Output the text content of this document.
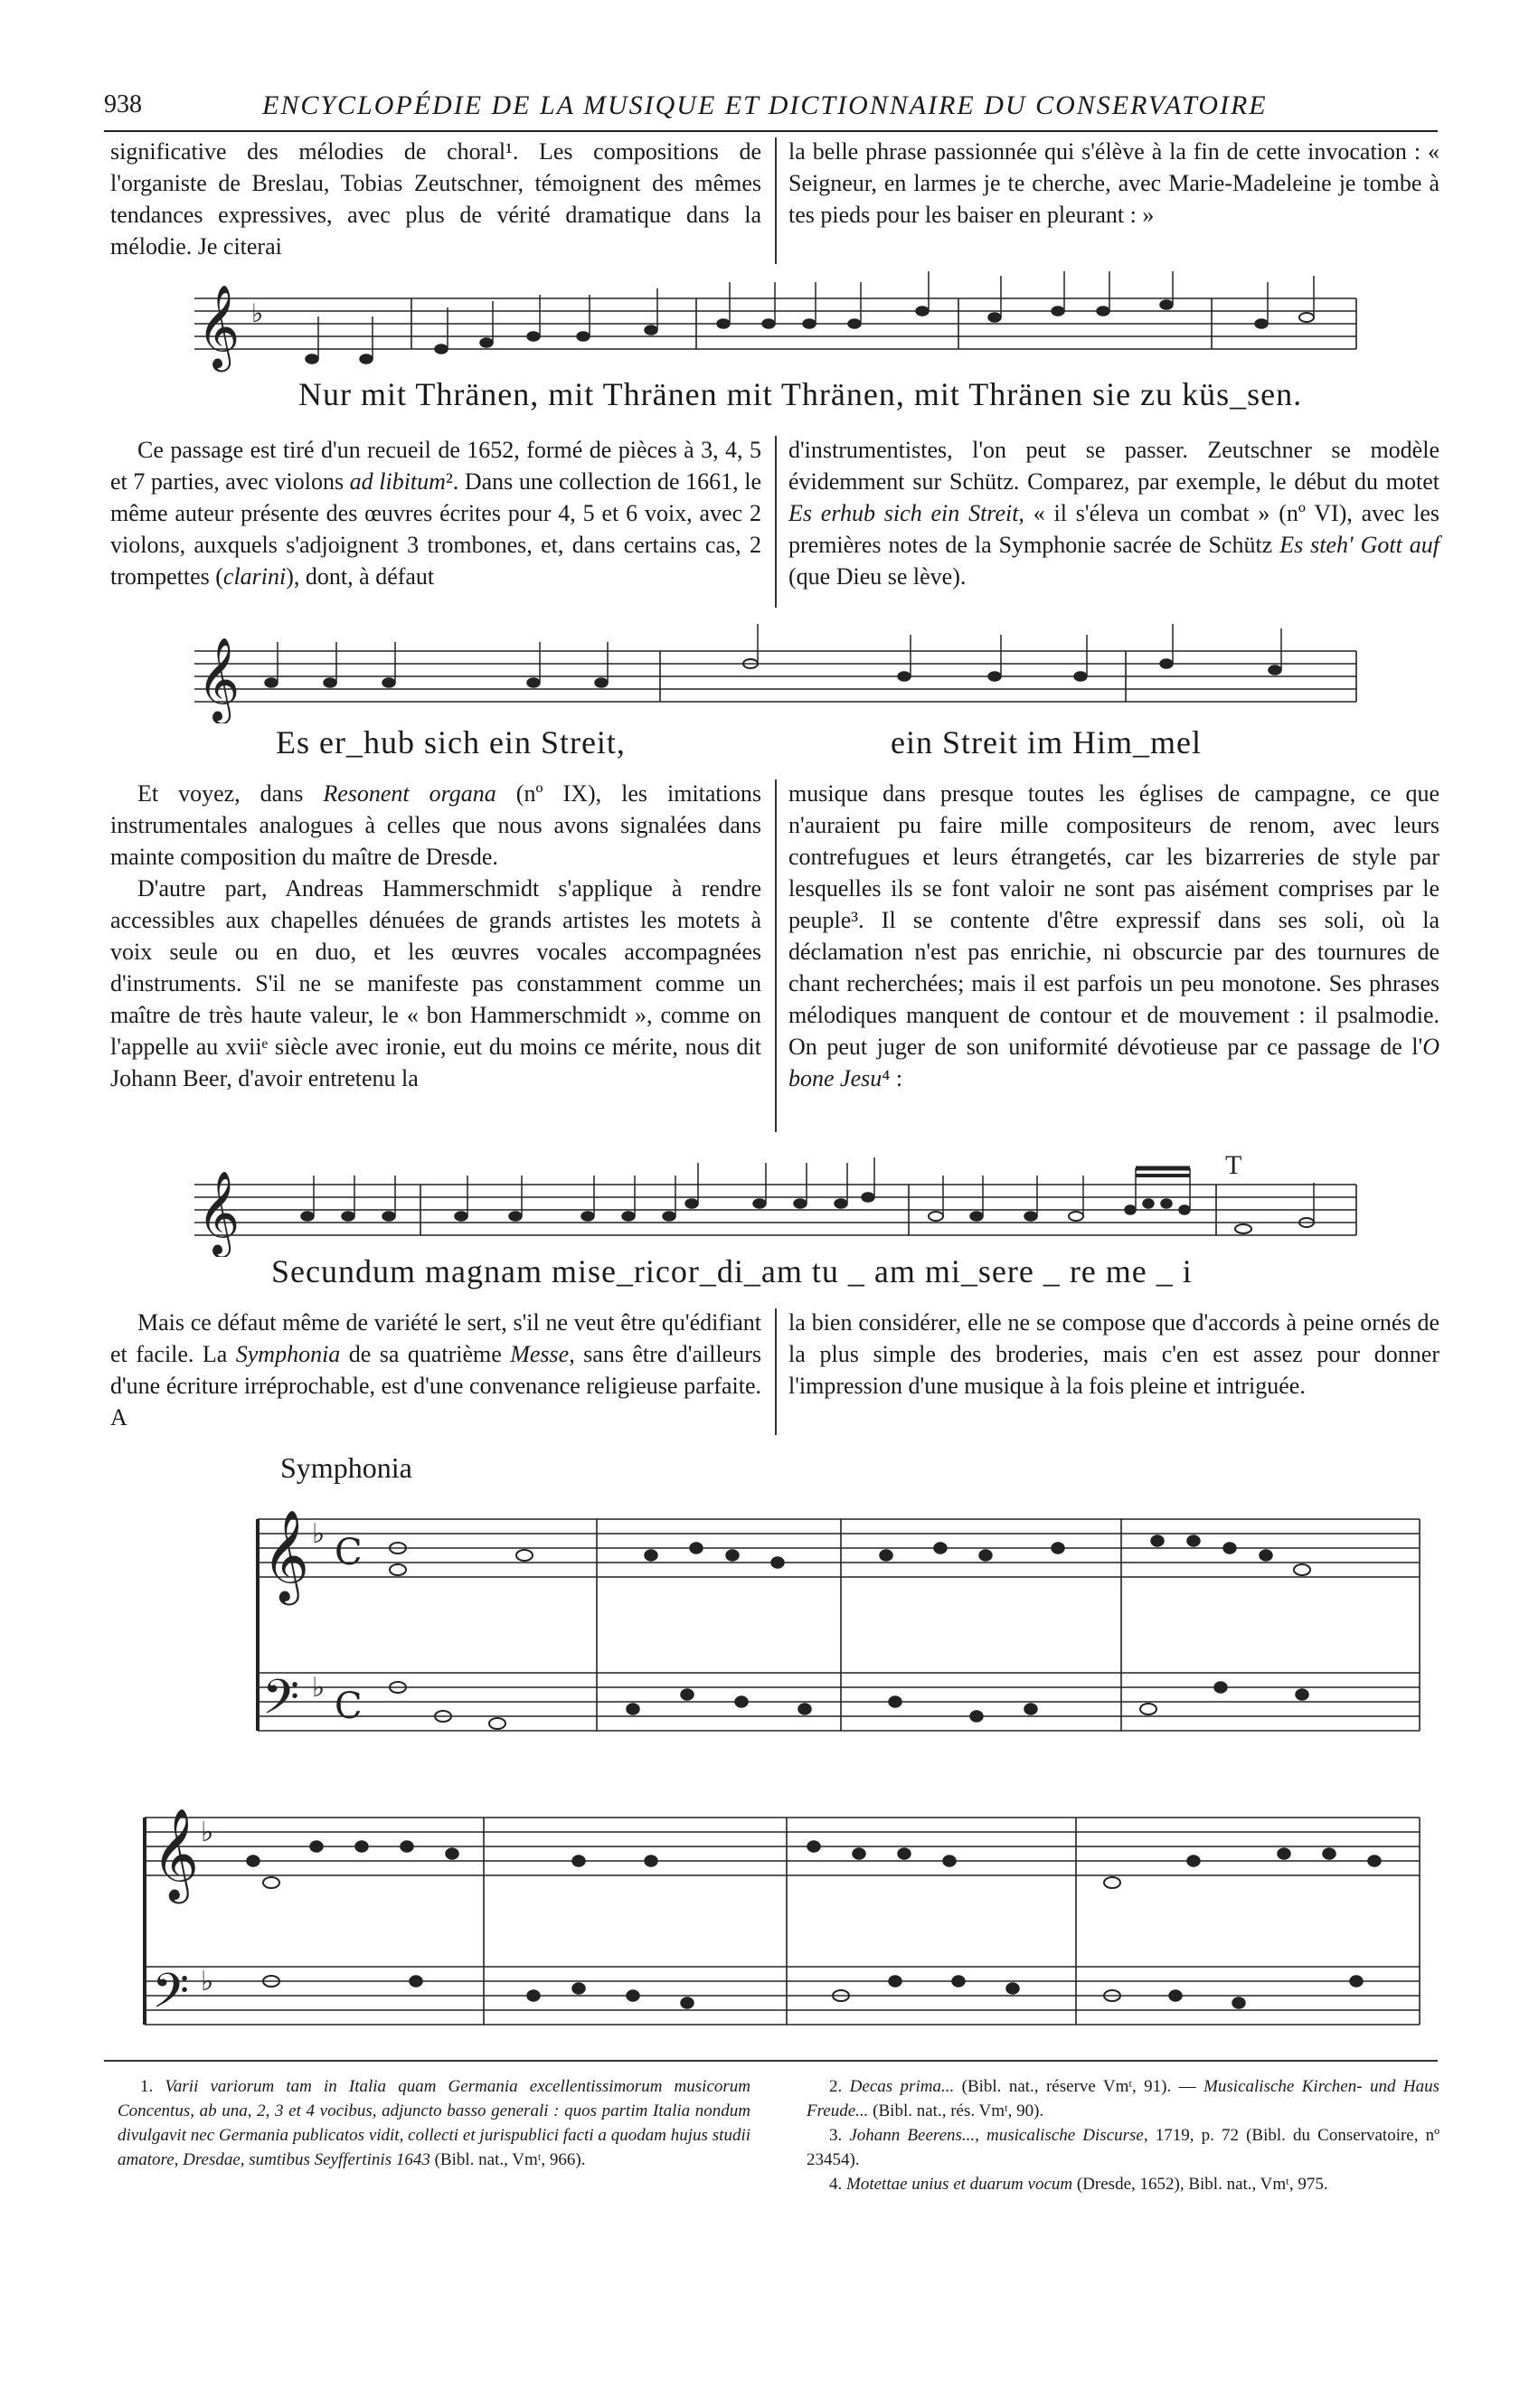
938	ENCYCLOPÉDIE DE LA MUSIQUE ET DICTIONNAIRE DU CONSERVATOIRE

significative des mélodies de choral¹. Les compositions de l'organiste de Breslau, Tobias Zeutschner, témoignent des mêmes tendances expressives, avec plus de vérité dramatique dans la mélodie. Je citerai

la belle phrase passionnée qui s'élève à la fin de cette invocation : « Seigneur, en larmes je te cherche, avec Marie-Madeleine je tombe à tes pieds pour les baiser en pleurant : »

𝄞 ♭
Nur mit Thränen, mit Thränen mit Thränen, mit Thränen sie zu küs_sen.

Ce passage est tiré d'un recueil de 1652, formé de pièces à 3, 4, 5 et 7 parties, avec violons ad libitum². Dans une collection de 1661, le même auteur présente des œuvres écrites pour 4, 5 et 6 voix, avec 2 violons, auxquels s'adjoignent 3 trombones, et, dans certains cas, 2 trompettes (clarini), dont, à défaut

d'instrumentistes, l'on peut se passer. Zeutschner se modèle évidemment sur Schütz. Comparez, par exemple, le début du motet Es erhub sich ein Streit, « il s'éleva un combat » (nº VI), avec les premières notes de la Symphonie sacrée de Schütz Es steh' Gott auf (que Dieu se lève).

𝄞
Es er_hub sich ein Streit,	ein Streit im Him_mel

Et voyez, dans Resonent organa (nº IX), les imitations instrumentales analogues à celles que nous avons signalées dans mainte composition du maître de Dresde.

D'autre part, Andreas Hammerschmidt s'applique à rendre accessibles aux chapelles dénuées de grands artistes les motets à voix seule ou en duo, et les œuvres vocales accompagnées d'instruments. S'il ne se manifeste pas constamment comme un maître de très haute valeur, le « bon Hammerschmidt », comme on l'appelle au xviiᵉ siècle avec ironie, eut du moins ce mérite, nous dit Johann Beer, d'avoir entretenu la

musique dans presque toutes les églises de campagne, ce que n'auraient pu faire mille compositeurs de renom, avec leurs contrefugues et leurs étrangetés, car les bizarreries de style par lesquelles ils se font valoir ne sont pas aisément comprises par le peuple³. Il se contente d'être expressif dans ses soli, où la déclamation n'est pas enrichie, ni obscurcie par des tournures de chant recherchées; mais il est parfois un peu monotone. Ses phrases mélodiques manquent de contour et de mouvement : il psalmodie. On peut juger de son uniformité dévotieuse par ce passage de l'O bone Jesu⁴ :

𝄞
T
Secundum magnam mise_ricor_di_am tu _ am mi_sere _ re me _ i

Mais ce défaut même de variété le sert, s'il ne veut être qu'édifiant et facile. La Symphonia de sa quatrième Messe, sans être d'ailleurs d'une écriture irréprochable, est d'une convenance religieuse parfaite. A

la bien considérer, elle ne se compose que d'accords à peine ornés de la plus simple des broderies, mais c'en est assez pour donner l'impression d'une musique à la fois pleine et intriguée.

Symphonia
𝄞
𝄢
𝄞
𝄢
♭
♭
♭
♭
C
C

1. Varii variorum tam in Italia quam Germania excellentissimorum musicorum Concentus, ab una, 2, 3 et 4 vocibus, adjuncto basso generali : quos partim Italia nondum divulgavit nec Germania publicatos vidit, collecti et jurispublici facti a quodam hujus studii amatore, Dresdae, sumtibus Seyffertinis 1643 (Bibl. nat., Vmᵗ, 966).

2. Decas prima... (Bibl. nat., réserve Vmᵗ, 91). — Musicalische Kirchen- und Haus Freude... (Bibl. nat., rés. Vmᵗ, 90).

3. Johann Beerens..., musicalische Discurse, 1719, p. 72 (Bibl. du Conservatoire, nº 23454).

4. Motettae unius et duarum vocum (Dresde, 1652), Bibl. nat., Vmᵗ, 975.
